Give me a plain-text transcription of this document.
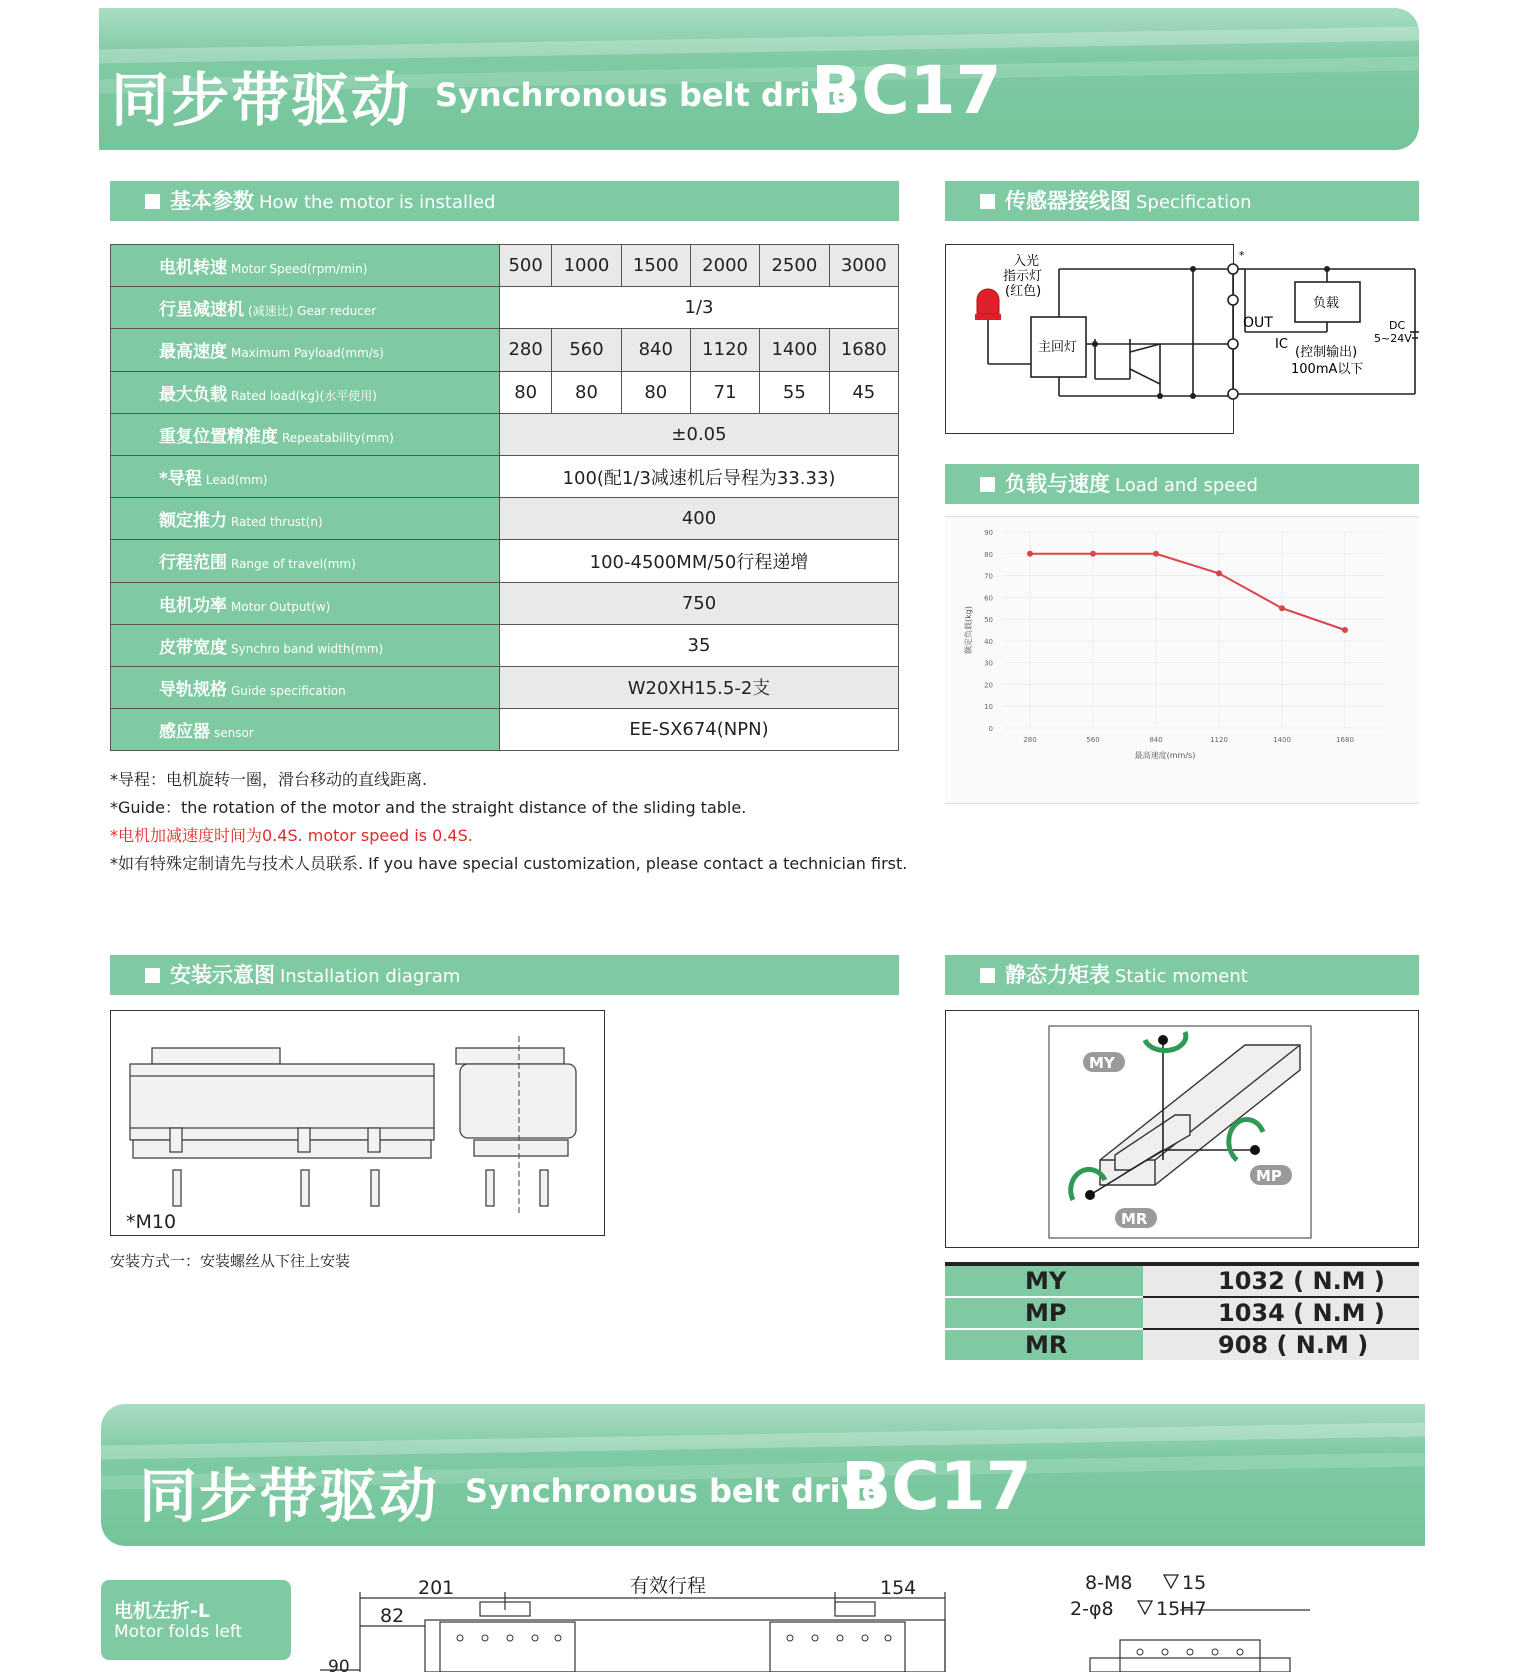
同步带驱动 Synchronous belt drive
BC17
基本参数 How the motor is installed	传感器接线图 Specification
负载与速度 Load and speed
安装示意图 Installation diagram	静态力矩表 Static moment
电机转速 Motor Speed(rpm/min)	500	1000	1500	2000	2500	3000
行星减速机 (减速比) Gear reducer	1/3					
最高速度 Maximum Payload(mm/s)	280	560	840	1120	1400	1680
最大负载 Rated load(kg)(水平使用)	80	80	80	71	55	45
重复位置精准度 Repeatability(mm)	±0.05					
*导程 Lead(mm)	100(配1/3减速机后导程为33.33)					
额定推力 Rated thrust(n)	400					
行程范围 Range of travel(mm)	100-4500MM/50行程递增					
电机功率 Motor Output(w)	750					
皮带宽度 Synchro band width(mm)	35					
导轨规格 Guide specification	W20XH15.5-2支					
感应器 sensor	EE-SX674(NPN)					
*导程：电机旋转一圈，滑台移动的直线距离.
*Guide：the rotation of the motor and the straight distance of the sliding table.
*电机加减速度时间为0.4S. motor speed is 0.4S.
*如有特殊定制请先与技术人员联系. If you have special customization, please contact a technician first.
入光
指示灯
(红色)
主回灯
负载
OUT
IC
(控制输出)
100mA以下
DC
5~24V
*
0
10
20
30
40
50
60
70
80
90
280	560	840	1120	1400	1680
最高速度(mm/s)
额定负载(kg)
*M10
安装方式一：安装螺丝从下往上安装
MY
MP
MR
MY	1032 ( N.M )
MP	1034 ( N.M )
MR	908 ( N.M )
同步带驱动 Synchronous belt drive
BC17
电机左折-L
Motor folds left
201	有效行程	154
82
90
8-M8	15
2-φ8 15H7
